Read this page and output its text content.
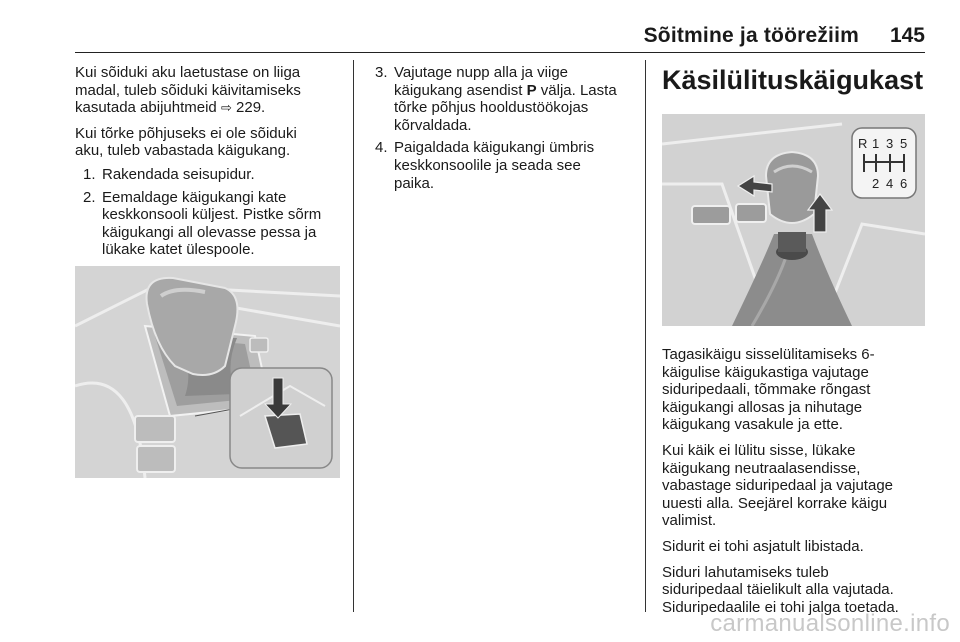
Sõitmine ja töörežiim 145

Kui sõiduki aku laetustase on liiga
madal, tuleb sõiduki käivitamiseks
kasutada abijuhtmeid ⇨ 229.

Kui tõrke põhjuseks ei ole sõiduki
aku, tuleb vabastada käigukang.

1. Rakendada seisupidur.
2. Eemaldage käigukangi kate
keskkonsooli küljest. Pistke sõrm
käigukangi all olevasse pessa ja
lükake katet ülespoole.
3. Vajutage nupp alla ja viige
käigukang asendist P välja. Lasta
tõrke põhjus hooldustöökojas
kõrvaldada.
4. Paigaldada käigukangi ümbris
keskkonsoolile ja seada see
paika.
Käsilülituskäigukast
R 1 3 5
2 4 6

Tagasikäigu sisselülitamiseks 6-
käigulise käigukastiga vajutage
siduripedaali, tõmmake rõngast
käigukangi allosas ja nihutage
käigukang vasakule ja ette.

Kui käik ei lülitu sisse, lükake
käigukang neutraalasendisse,
vabastage siduripedaal ja vajutage
uuesti alla. Seejärel korrake käigu
valimist.

Sidurit ei tohi asjatult libistada.

Siduri lahutamiseks tuleb
siduripedaal täielikult alla vajutada.
Siduripedaalile ei tohi jalga toetada.

carmanualsonline.info
